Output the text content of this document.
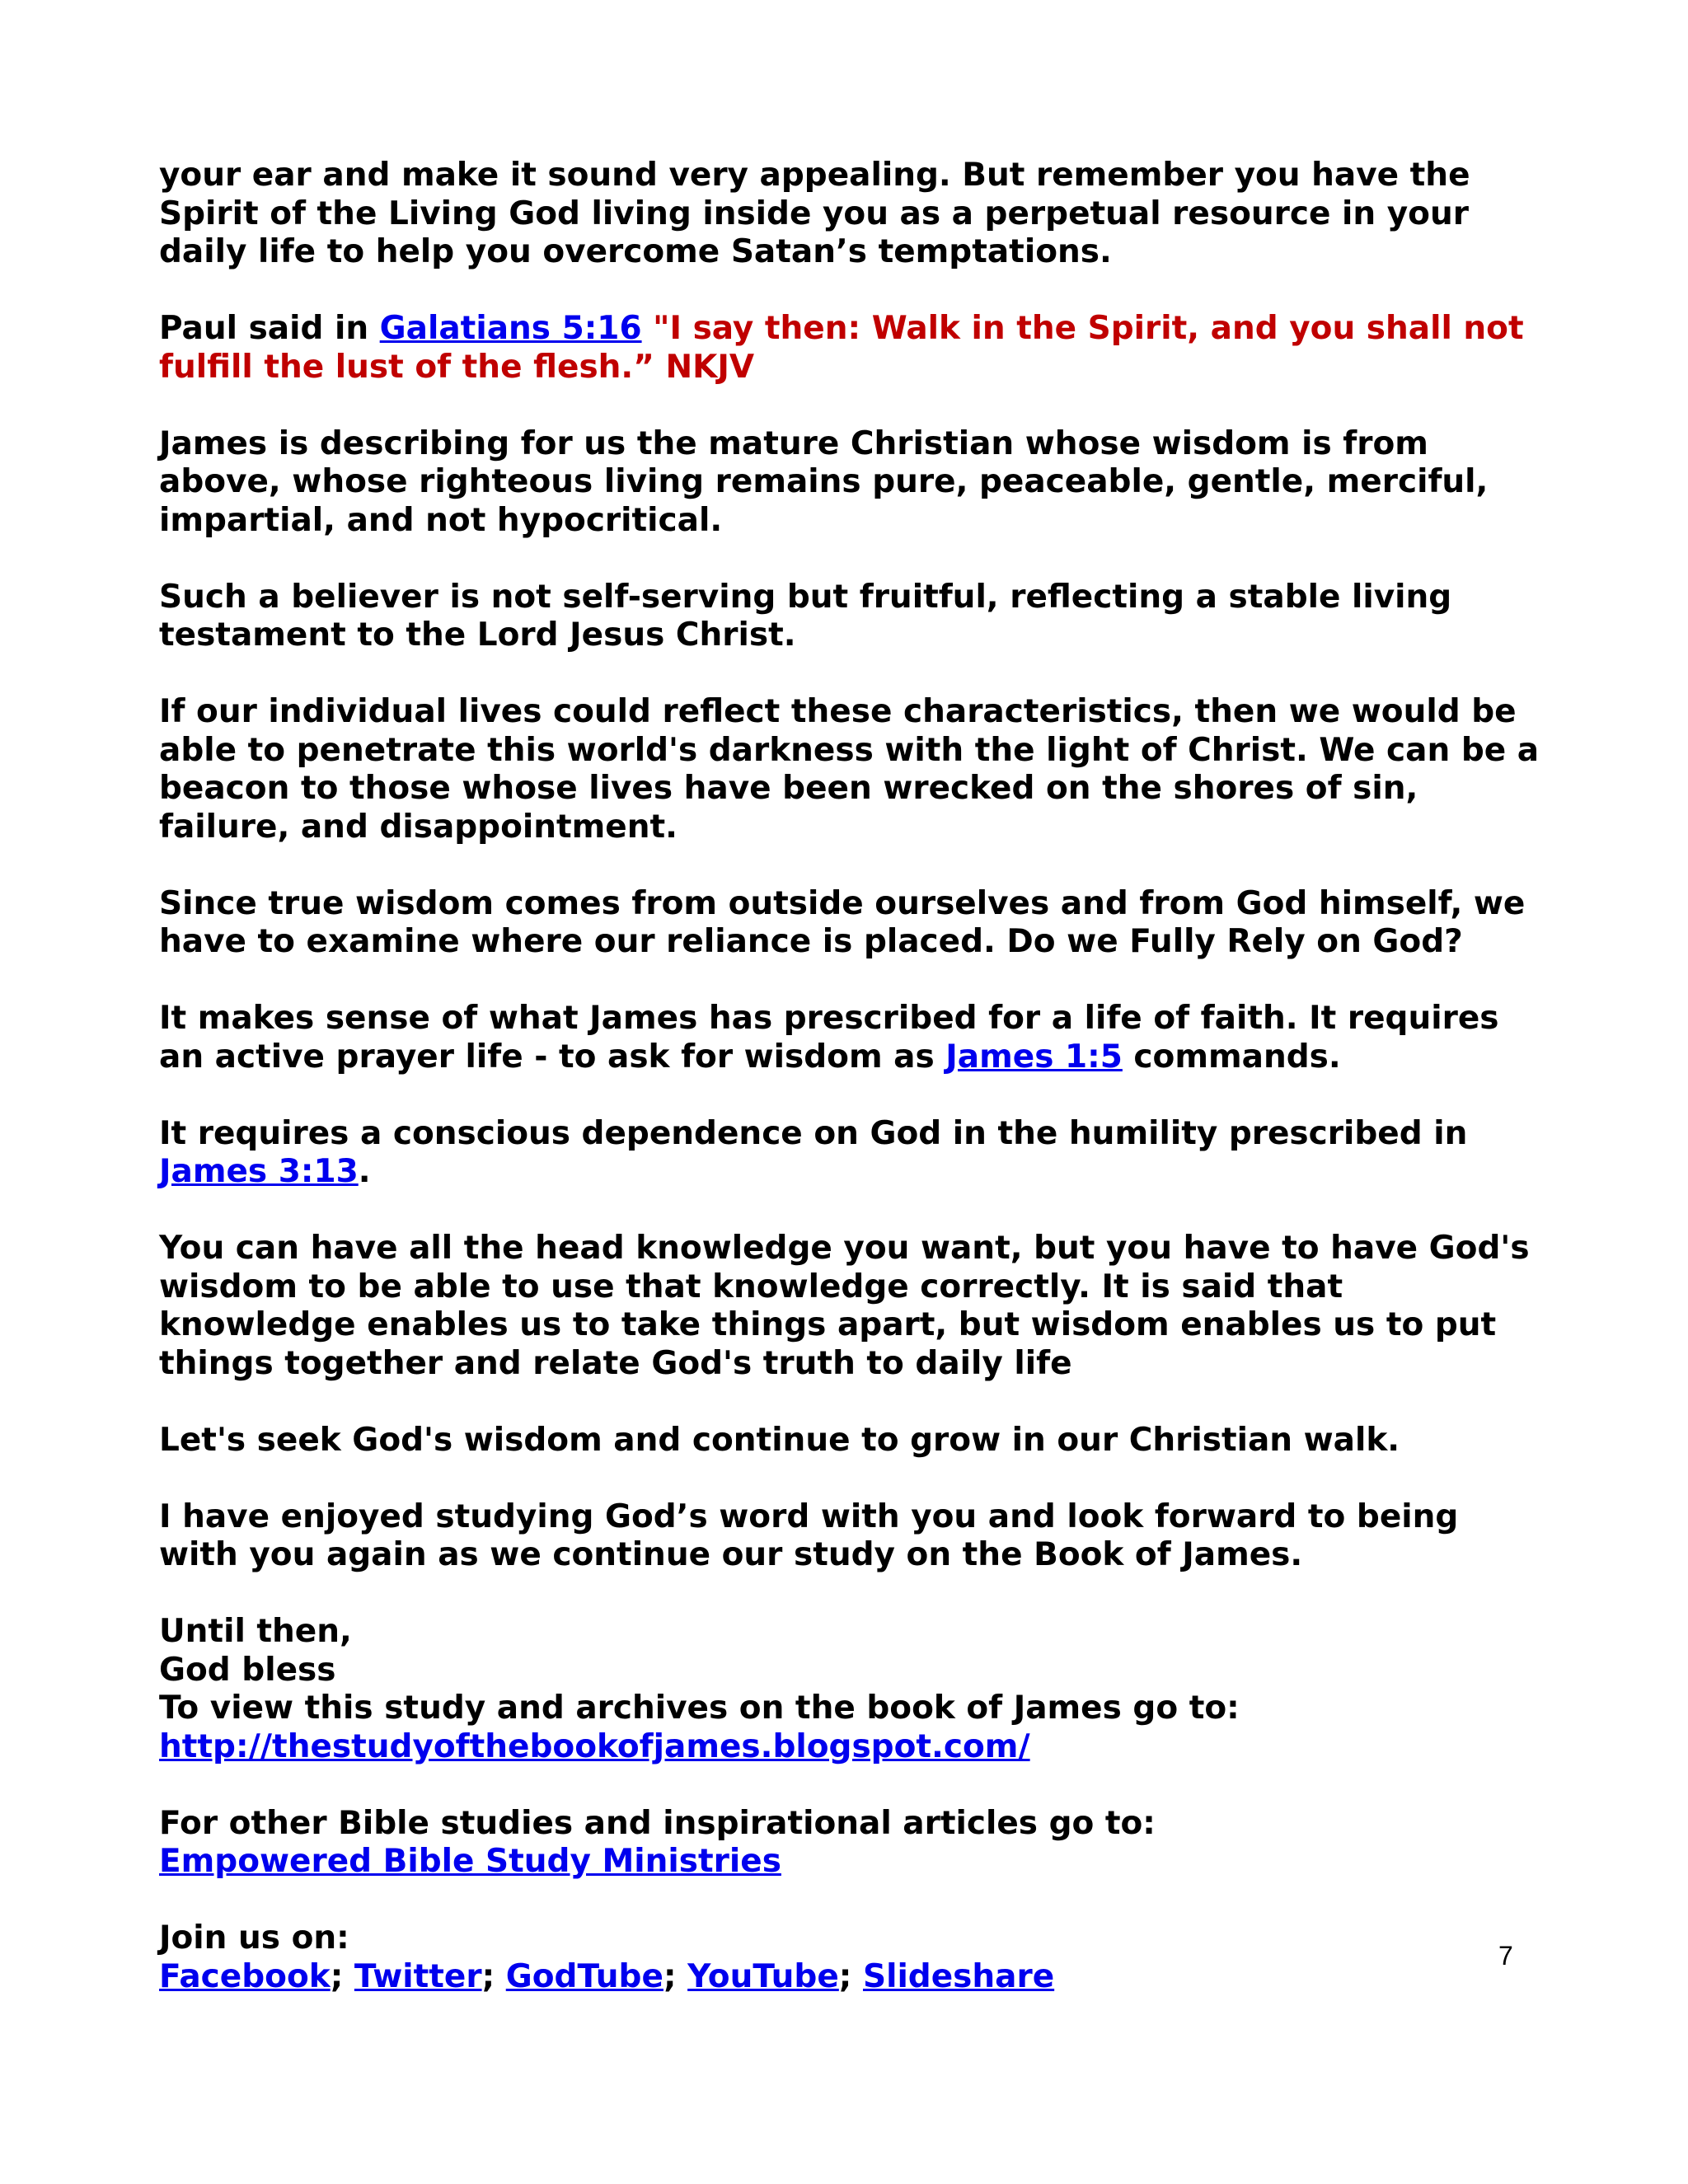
your ear and make it sound very appealing. But remember you have the Spirit of the Living God living inside you as a perpetual resource in your daily life to help you overcome Satan’s temptations.

Paul said in Galatians 5:16 "I say then: Walk in the Spirit, and you shall not fulfill the lust of the flesh.” NKJV

James is describing for us the mature Christian whose wisdom is from above, whose righteous living remains pure, peaceable, gentle, merciful, impartial, and not hypocritical.

Such a believer is not self-serving but fruitful, reflecting a stable living testament to the Lord Jesus Christ.

If our individual lives could reflect these characteristics, then we would be able to penetrate this world's darkness with the light of Christ. We can be a beacon to those whose lives have been wrecked on the shores of sin, failure, and disappointment.

Since true wisdom comes from outside ourselves and from God himself, we have to examine where our reliance is placed. Do we Fully Rely on God?

It makes sense of what James has prescribed for a life of faith. It requires an active prayer life - to ask for wisdom as James 1:5 commands.

It requires a conscious dependence on God in the humility prescribed in James 3:13.

You can have all the head knowledge you want, but you have to have God's wisdom to be able to use that knowledge correctly. It is said that knowledge enables us to take things apart, but wisdom enables us to put things together and relate God's truth to daily life

Let's seek God's wisdom and continue to grow in our Christian walk.

I have enjoyed studying God’s word with you and look forward to being with you again as we continue our study on the Book of James.

Until then,

God bless

To view this study and archives on the book of James go to:

http://thestudyofthebookofjames.blogspot.com/

For other Bible studies and inspirational articles go to:

Empowered Bible Study Ministries

Join us on:

Facebook; Twitter; GodTube; YouTube; Slideshare

7
